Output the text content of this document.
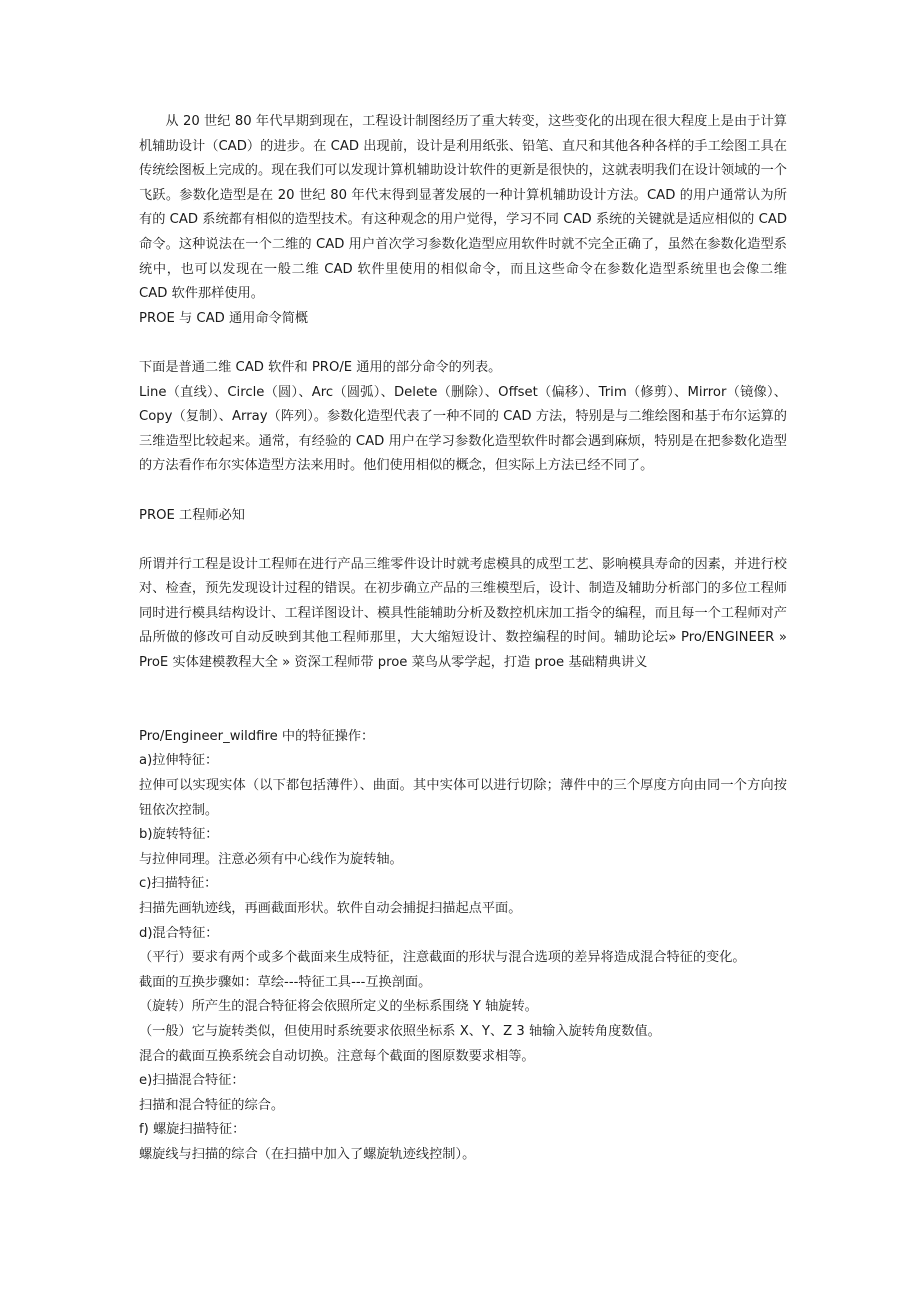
从 20 世纪 80 年代早期到现在，工程设计制图经历了重大转变，这些变化的出现在很大程度上是由于计算机辅助设计（CAD）的进步。在 CAD 出现前，设计是利用纸张、铅笔、直尺和其他各种各样的手工绘图工具在传统绘图板上完成的。现在我们可以发现计算机辅助设计软件的更新是很快的，这就表明我们在设计领域的一个飞跃。参数化造型是在 20 世纪 80 年代末得到显著发展的一种计算机辅助设计方法。CAD 的用户通常认为所有的 CAD 系统都有相似的造型技术。有这种观念的用户觉得，学习不同 CAD 系统的关键就是适应相似的 CAD 命令。这种说法在一个二维的 CAD 用户首次学习参数化造型应用软件时就不完全正确了，虽然在参数化造型系统中，也可以发现在一般二维 CAD 软件里使用的相似命令，而且这些命令在参数化造型系统里也会像二维 CAD 软件那样使用。

PROE 与 CAD 通用命令简概

下面是普通二维 CAD 软件和 PRO/E 通用的部分命令的列表。

Line（直线）、Circle（圆）、Arc（圆弧）、Delete（删除）、Offset（偏移）、Trim（修剪）、Mirror（镜像）、Copy（复制）、Array（阵列）。参数化造型代表了一种不同的 CAD 方法，特别是与二维绘图和基于布尔运算的三维造型比较起来。通常，有经验的 CAD 用户在学习参数化造型软件时都会遇到麻烦，特别是在把参数化造型的方法看作布尔实体造型方法来用时。他们使用相似的概念，但实际上方法已经不同了。

PROE 工程师必知

所谓并行工程是设计工程师在进行产品三维零件设计时就考虑模具的成型工艺、影响模具寿命的因素，并进行校对、检查，预先发现设计过程的错误。在初步确立产品的三维模型后，设计、制造及辅助分析部门的多位工程师同时进行模具结构设计、工程详图设计、模具性能辅助分析及数控机床加工指令的编程，而且每一个工程师对产品所做的修改可自动反映到其他工程师那里，大大缩短设计、数控编程的时间。辅助论坛» Pro/ENGINEER » ProE 实体建模教程大全 » 资深工程师带 proe 菜鸟从零学起，打造 proe 基础精典讲义

Pro/Engineer_wildfire 中的特征操作：

a)拉伸特征：

拉伸可以实现实体（以下都包括薄件）、曲面。其中实体可以进行切除；薄件中的三个厚度方向由同一个方向按钮依次控制。

b)旋转特征：

与拉伸同理。注意必须有中心线作为旋转轴。

c)扫描特征：

扫描先画轨迹线，再画截面形状。软件自动会捕捉扫描起点平面。

d)混合特征：

（平行）要求有两个或多个截面来生成特征，注意截面的形状与混合选项的差异将造成混合特征的变化。

截面的互换步骤如：草绘---特征工具---互换剖面。

（旋转）所产生的混合特征将会依照所定义的坐标系围绕 Y 轴旋转。

（一般）它与旋转类似，但使用时系统要求依照坐标系 X、Y、Z 3 轴输入旋转角度数值。

混合的截面互换系统会自动切换。注意每个截面的图原数要求相等。

e)扫描混合特征：

扫描和混合特征的综合。

f) 螺旋扫描特征：

螺旋线与扫描的综合（在扫描中加入了螺旋轨迹线控制）。
